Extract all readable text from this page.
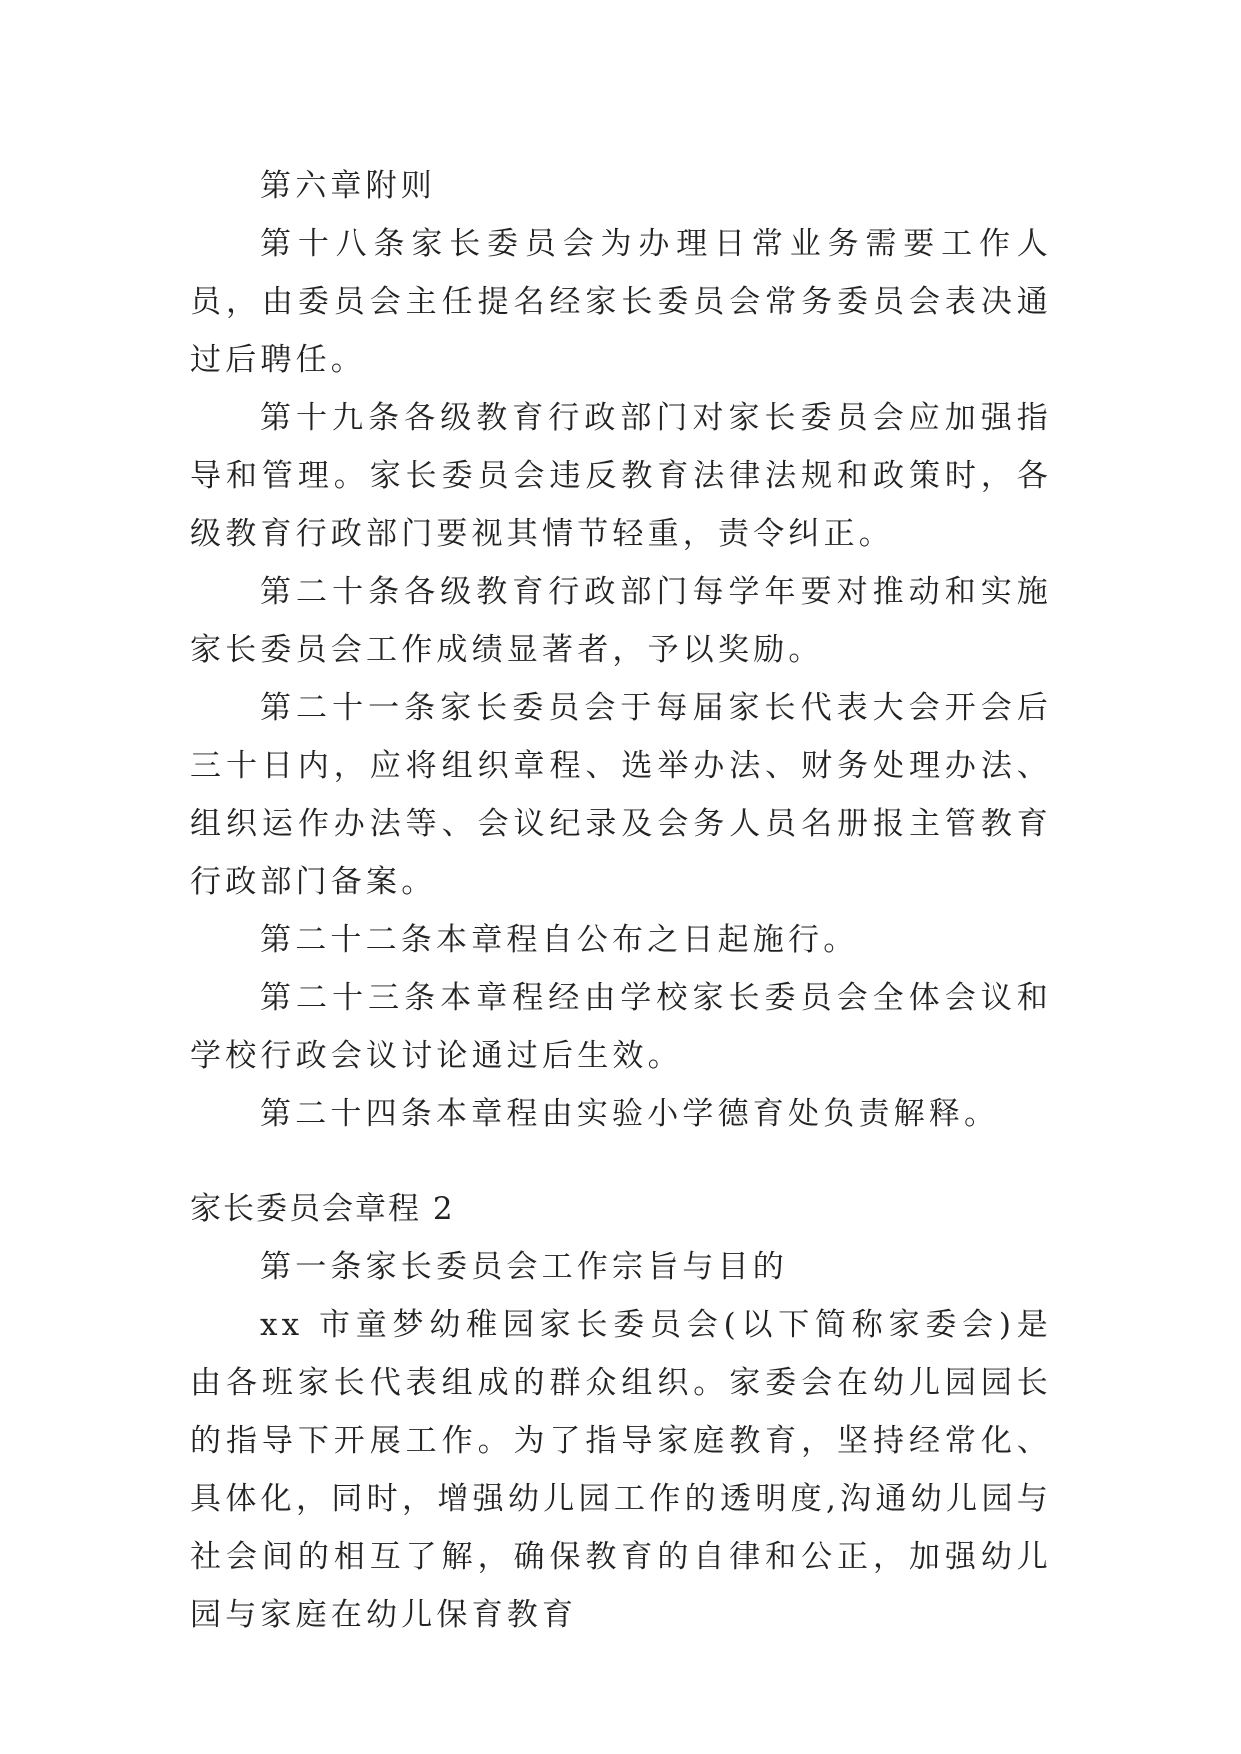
第六章附则

第十八条家长委员会为办理日常业务需要工作人员，由委员会主任提名经家长委员会常务委员会表决通过后聘任。

第十九条各级教育行政部门对家长委员会应加强指导和管理。家长委员会违反教育法律法规和政策时，各级教育行政部门要视其情节轻重，责令纠正。

第二十条各级教育行政部门每学年要对推动和实施家长委员会工作成绩显著者，予以奖励。

第二十一条家长委员会于每届家长代表大会开会后三十日内，应将组织章程、选举办法、财务处理办法、组织运作办法等、会议纪录及会务人员名册报主管教育行政部门备案。

第二十二条本章程自公布之日起施行。

第二十三条本章程经由学校家长委员会全体会议和学校行政会议讨论通过后生效。

第二十四条本章程由实验小学德育处负责解释。

家长委员会章程 2

第一条家长委员会工作宗旨与目的

xx 市童梦幼稚园家长委员会(以下简称家委会)是由各班家长代表组成的群众组织。家委会在幼儿园园长的指导下开展工作。为了指导家庭教育，坚持经常化、具体化，同时，增强幼儿园工作的透明度,沟通幼儿园与社会间的相互了解，确保教育的自律和公正，加强幼儿园与家庭在幼儿保育教育
